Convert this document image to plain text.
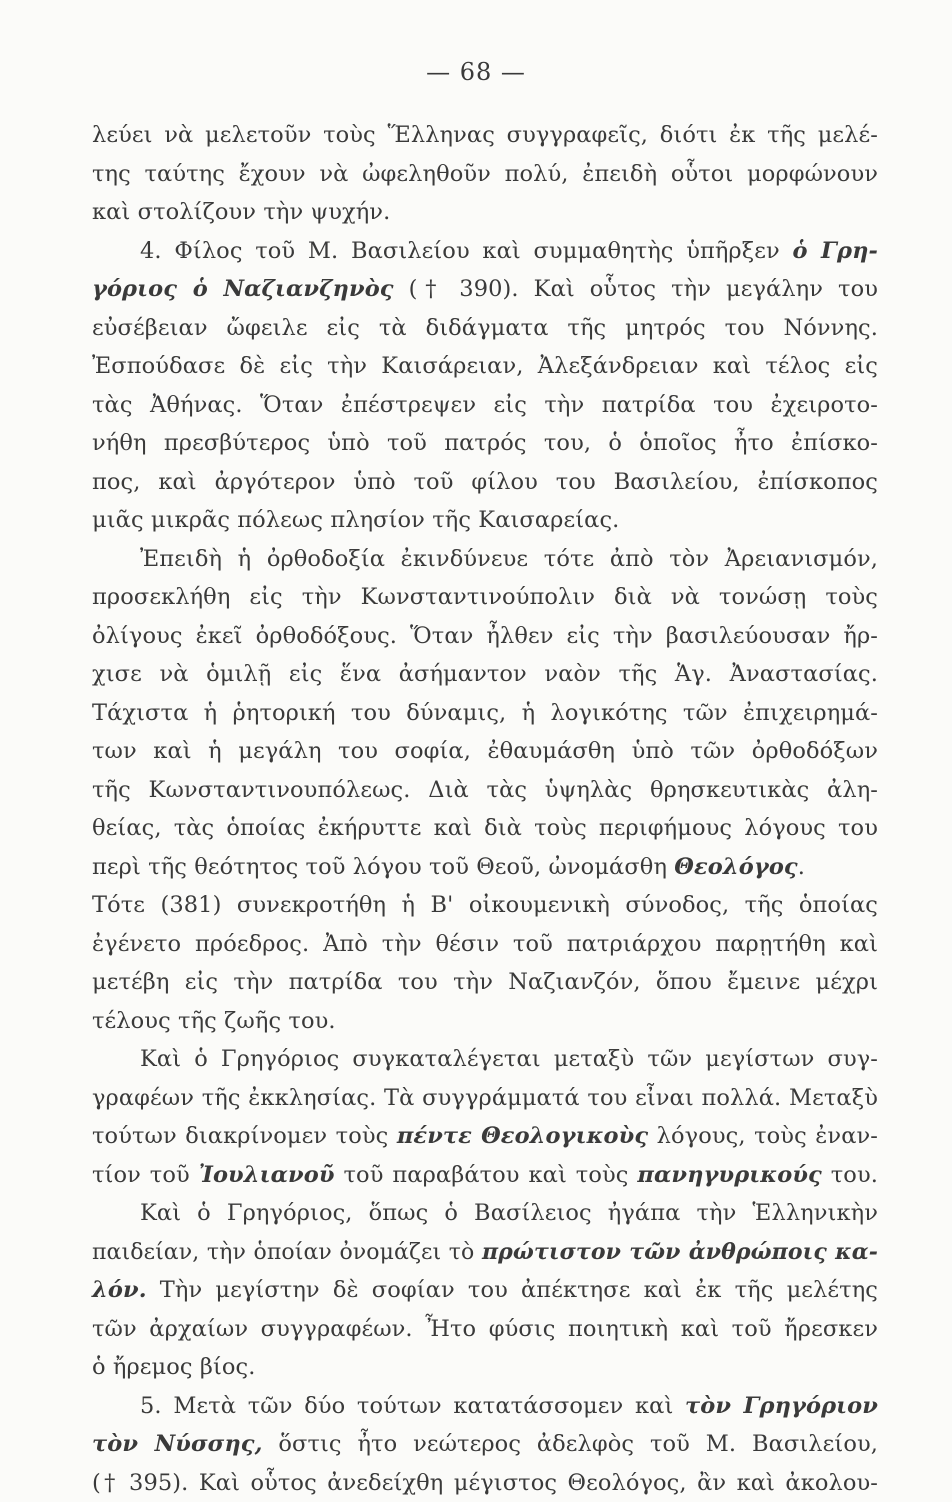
— 68 —
λεύει νὰ μελετοῦν τοὺς Ἕλληνας συγγραφεῖς, διότι ἐκ τῆς μελέ-
της ταύτης ἔχουν νὰ ὠφεληθοῦν πολύ, ἐπειδὴ οὗτοι μορφώνουν
καὶ στολίζουν τὴν ψυχήν.
4. Φίλος τοῦ Μ. Βασιλείου καὶ συμμαθητὴς ὑπῆρξεν ὁ Γρη-
γόριος ὁ Ναζιανζηνὸς († 390). Καὶ οὗτος τὴν μεγάλην του
εὐσέβειαν ὤφειλε εἰς τὰ διδάγματα τῆς μητρός του Νόννης.
Ἐσπούδασε δὲ εἰς τὴν Καισάρειαν, Ἀλεξάνδρειαν καὶ τέλος εἰς
τὰς Ἀθήνας. Ὅταν ἐπέστρεψεν εἰς τὴν πατρίδα του ἐχειροτο-
νήθη πρεσβύτερος ὑπὸ τοῦ πατρός του, ὁ ὁποῖος ἦτο ἐπίσκο-
πος, καὶ ἀργότερον ὑπὸ τοῦ φίλου του Βασιλείου, ἐπίσκοπος
μιᾶς μικρᾶς πόλεως πλησίον τῆς Καισαρείας.
Ἐπειδὴ ἡ ὀρθοδοξία ἐκινδύνευε τότε ἀπὸ τὸν Ἀρειανισμόν,
προσεκλήθη εἰς τὴν Κωνσταντινούπολιν διὰ νὰ τονώσῃ τοὺς
ὀλίγους ἐκεῖ ὀρθοδόξους. Ὅταν ἦλθεν εἰς τὴν βασιλεύουσαν ἤρ-
χισε νὰ ὁμιλῇ εἰς ἕνα ἀσήμαντον ναὸν τῆς Ἁγ. Ἀναστασίας.
Τάχιστα ἡ ῥητορική του δύναμις, ἡ λογικότης τῶν ἐπιχειρημά-
των καὶ ἡ μεγάλη του σοφία, ἐθαυμάσθη ὑπὸ τῶν ὀρθοδόξων
τῆς Κωνσταντινουπόλεως. Διὰ τὰς ὑψηλὰς θρησκευτικὰς ἀλη-
θείας, τὰς ὁποίας ἐκήρυττε καὶ διὰ τοὺς περιφήμους λόγους του
περὶ τῆς θεότητος τοῦ λόγου τοῦ Θεοῦ, ὠνομάσθη Θεολόγος.
Τότε (381) συνεκροτήθη ἡ Β' οἰκουμενικὴ σύνοδος, τῆς ὁποίας
ἐγένετο πρόεδρος. Ἀπὸ τὴν θέσιν τοῦ πατριάρχου παρῃτήθη καὶ
μετέβη εἰς τὴν πατρίδα του τὴν Ναζιανζόν, ὅπου ἔμεινε μέχρι
τέλους τῆς ζωῆς του.
Καὶ ὁ Γρηγόριος συγκαταλέγεται μεταξὺ τῶν μεγίστων συγ-
γραφέων τῆς ἐκκλησίας. Τὰ συγγράμματά του εἶναι πολλά. Μεταξὺ
τούτων διακρίνομεν τοὺς πέντε Θεολογικοὺς λόγους, τοὺς ἐναν-
τίον τοῦ Ἰουλιανοῦ τοῦ παραβάτου καὶ τοὺς πανηγυρικούς του.
Καὶ ὁ Γρηγόριος, ὅπως ὁ Βασίλειος ἠγάπα τὴν Ἑλληνικὴν
παιδείαν, τὴν ὁποίαν ὀνομάζει τὸ πρώτιστον τῶν ἀνθρώποις κα-
λόν. Τὴν μεγίστην δὲ σοφίαν του ἀπέκτησε καὶ ἐκ τῆς μελέτης
τῶν ἀρχαίων συγγραφέων. Ἦτο φύσις ποιητικὴ καὶ τοῦ ἤρεσκεν
ὁ ἤρεμος βίος.
5. Μετὰ τῶν δύο τούτων κατατάσσομεν καὶ τὸν Γρηγόριον
τὸν Νύσσης, ὅστις ἦτο νεώτερος ἀδελφὸς τοῦ Μ. Βασιλείου,
(† 395). Καὶ οὗτος ἀνεδείχθη μέγιστος Θεολόγος, ἂν καὶ ἀκολου-
